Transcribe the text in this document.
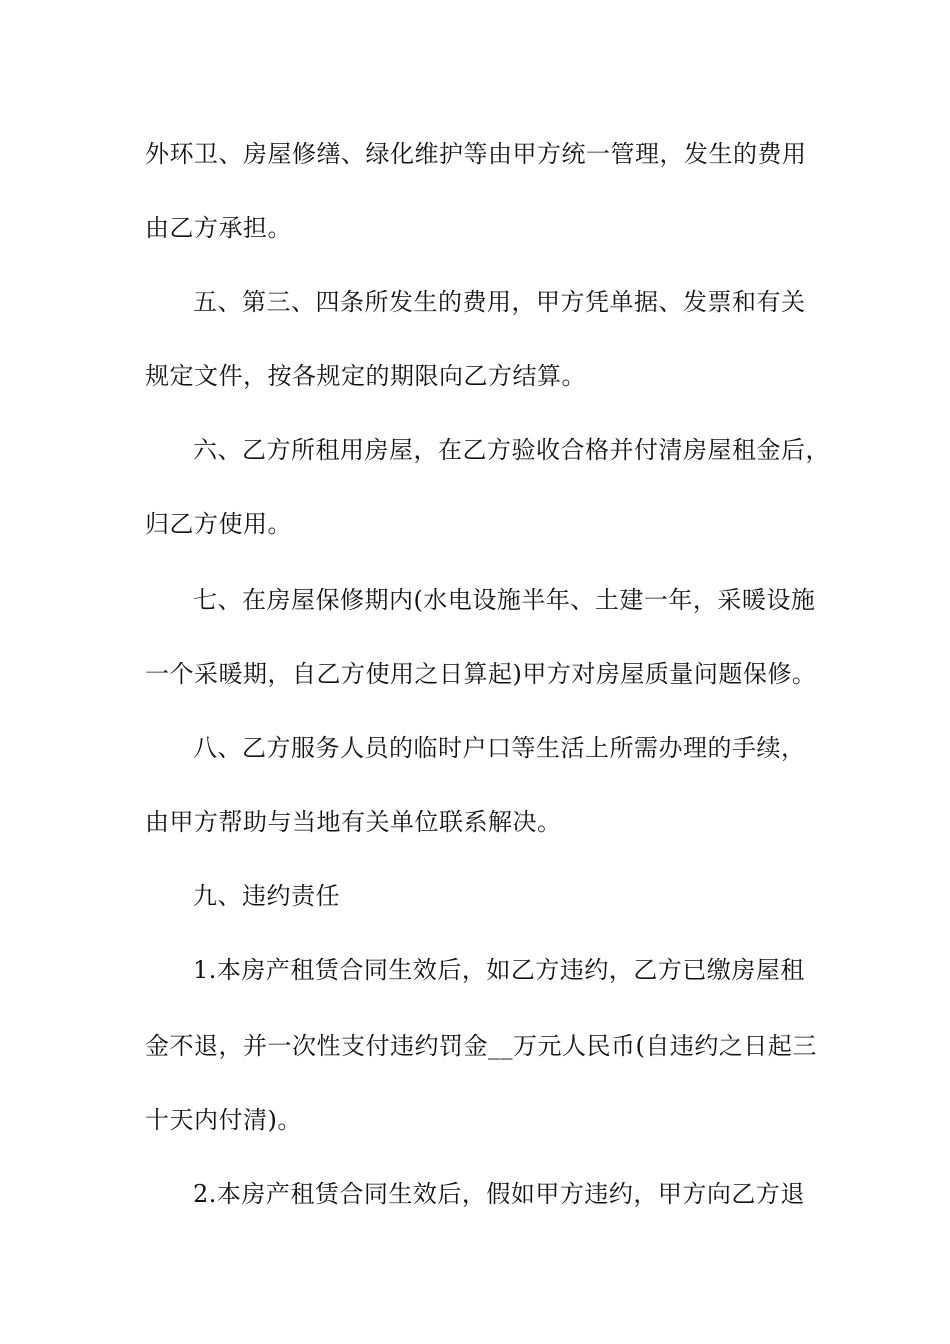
外环卫、房屋修缮、绿化维护等由甲方统一管理，发生的费用
由乙方承担。
五、第三、四条所发生的费用，甲方凭单据、发票和有关
规定文件，按各规定的期限向乙方结算。
六、乙方所租用房屋，在乙方验收合格并付清房屋租金后，
归乙方使用。
七、在房屋保修期内(水电设施半年、土建一年，采暖设施
一个采暖期，自乙方使用之日算起)甲方对房屋质量问题保修。
八、乙方服务人员的临时户口等生活上所需办理的手续，
由甲方帮助与当地有关单位联系解决。
九、违约责任
1.本房产租赁合同生效后，如乙方违约，乙方已缴房屋租
金不退，并一次性支付违约罚金__万元人民币(自违约之日起三
十天内付清)。
2.本房产租赁合同生效后，假如甲方违约，甲方向乙方退
